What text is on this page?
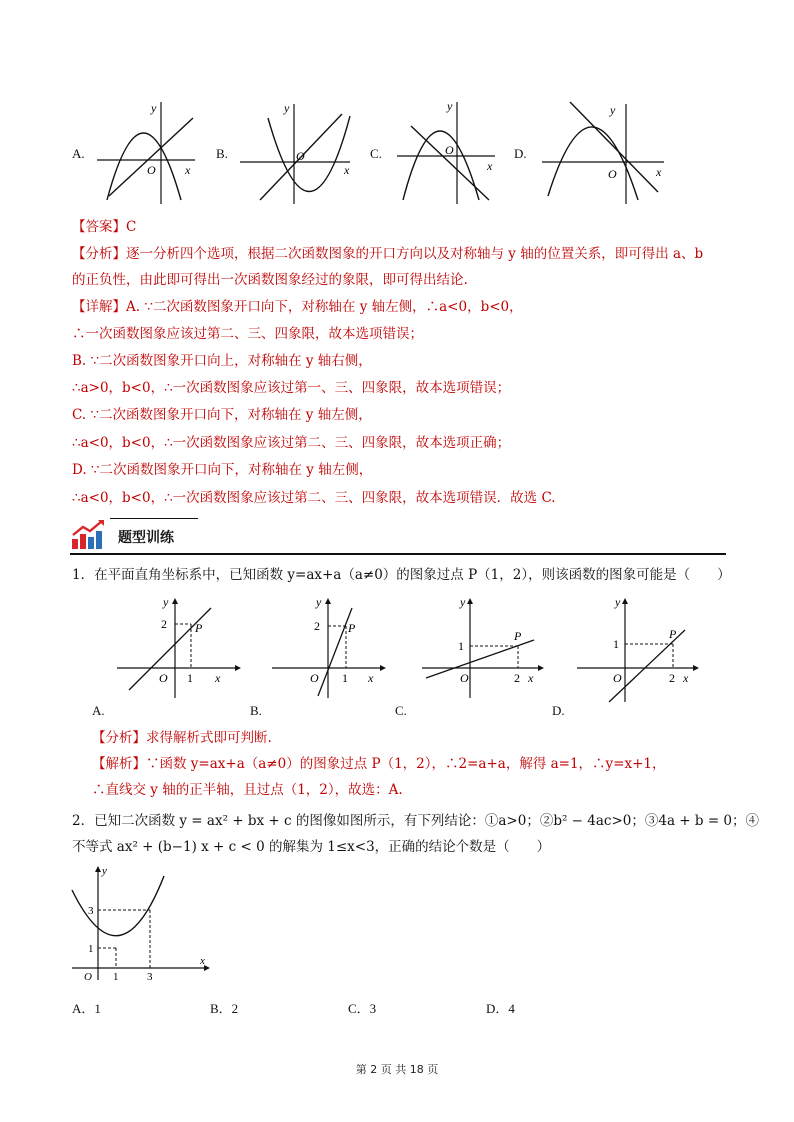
A.
y
x
O
B.
y
x
O	C.
y
x
O	D.
y
x
O
【答案】C
【分析】逐一分析四个选项，根据二次函数图象的开口方向以及对称轴与 y 轴的位置关系，即可得出 a、b
的正负性，由此即可得出一次函数图象经过的象限，即可得出结论.
【详解】A. ∵二次函数图象开口向下，对称轴在 y 轴左侧，∴a<0，b<0，
∴一次函数图象应该过第二、三、四象限，故本选项错误；
B. ∵二次函数图象开口向上，对称轴在 y 轴右侧，
∴a>0，b<0，∴一次函数图象应该过第一、三、四象限，故本选项错误；
C. ∵二次函数图象开口向下，对称轴在 y 轴左侧，
∴a<0，b<0，∴一次函数图象应该过第二、三、四象限，故本选项正确；
D. ∵二次函数图象开口向下，对称轴在 y 轴左侧，
∴a<0，b<0，∴一次函数图象应该过第二、三、四象限，故本选项错误．故选 C.
题型训练
1．在平面直角坐标系中，已知函数 y=ax+a（a≠0）的图象过点 P（1，2），则该函数的图象可能是（　　）
y
2 P
O 1 x
y
2 P
O 1 x
y
1
P
O	2 x
y
1
P
O	2 x
A.	B.	C.	D.
【分析】求得解析式即可判断.
【解析】∵函数 y=ax+a（a≠0）的图象过点 P（1，2），∴2=a+a，解得 a=1，∴y=x+1，
∴直线交 y 轴的正半轴，且过点（1，2），故选：A.
2．已知二次函数 y = ax² + bx + c 的图像如图所示，有下列结论：①a>0；②b² − 4ac>0；③4a + b = 0；④
不等式 ax² + (b−1) x + c < 0 的解集为 1≤x<3，正确的结论个数是（　　）
y
3
1
O 1	3
x
A．1	B．2	C．3	D．4
第 2 页 共 18 页
